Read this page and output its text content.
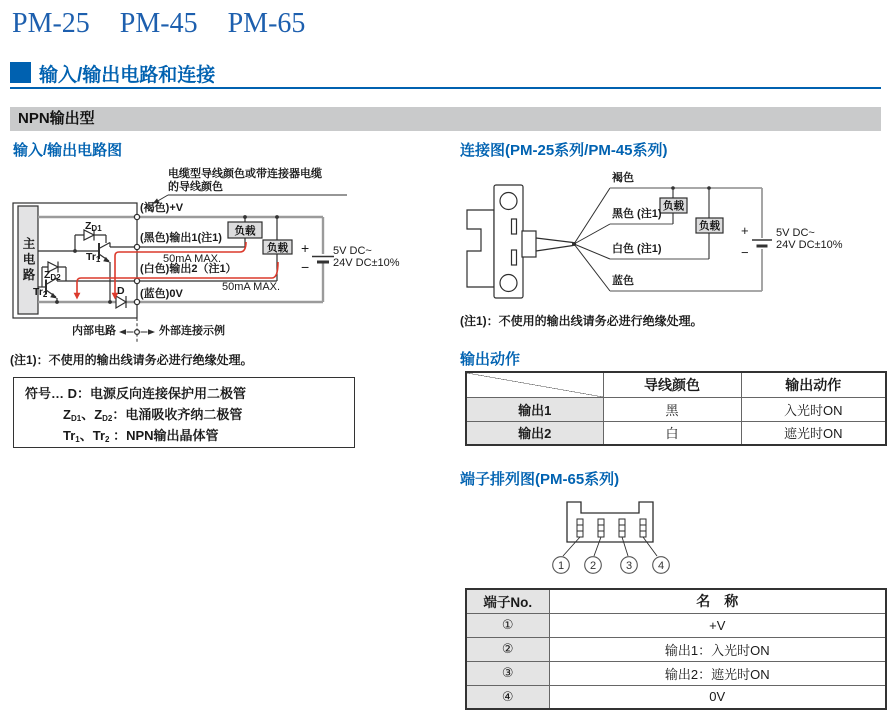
1 2	3 4
PM-25 PM-45 PM-65
输入/输出电路和连接
NPN输出型
输入/输出电路图
电缆型导线颜色或带连接器电缆
的导线颜色
主电路
(褐色)+V
(黑色)输出1(注1)
50mA MAX.
(白色)输出2（注1）
50mA MAX.
(蓝色)0V
负载
负载 +
−
5V DC~
24V DC±10%
内部电路	外部连接示例
$Z_{D1}$
$Tr_1$
$Z_{D2}$
$Tr_2$	D
(注1)：不使用的输出线请务必进行绝缘处理。
符号… D：电源反向连接保护用二极管
$Z_{D1}$、$Z_{D2}$：电涌吸收齐纳二极管
$Tr_1$、$Tr_2$ ：NPN输出晶体管
连接图(PM-25系列/PM-45系列)
褐色
黑色 (注1)
白色 (注1)
蓝色
负载
负载 +
−
5V DC~
24V DC±10%
(注1)：不使用的输出线请务必进行绝缘处理。
输出动作
	导线颜色	输出动作
输出1	黑	入光时ON
输出2	白	遮光时ON
端子排列图(PM-65系列)
端子No.	名　称
①	+V
②	输出1：入光时ON
③	输出2：遮光时ON
④	0V
